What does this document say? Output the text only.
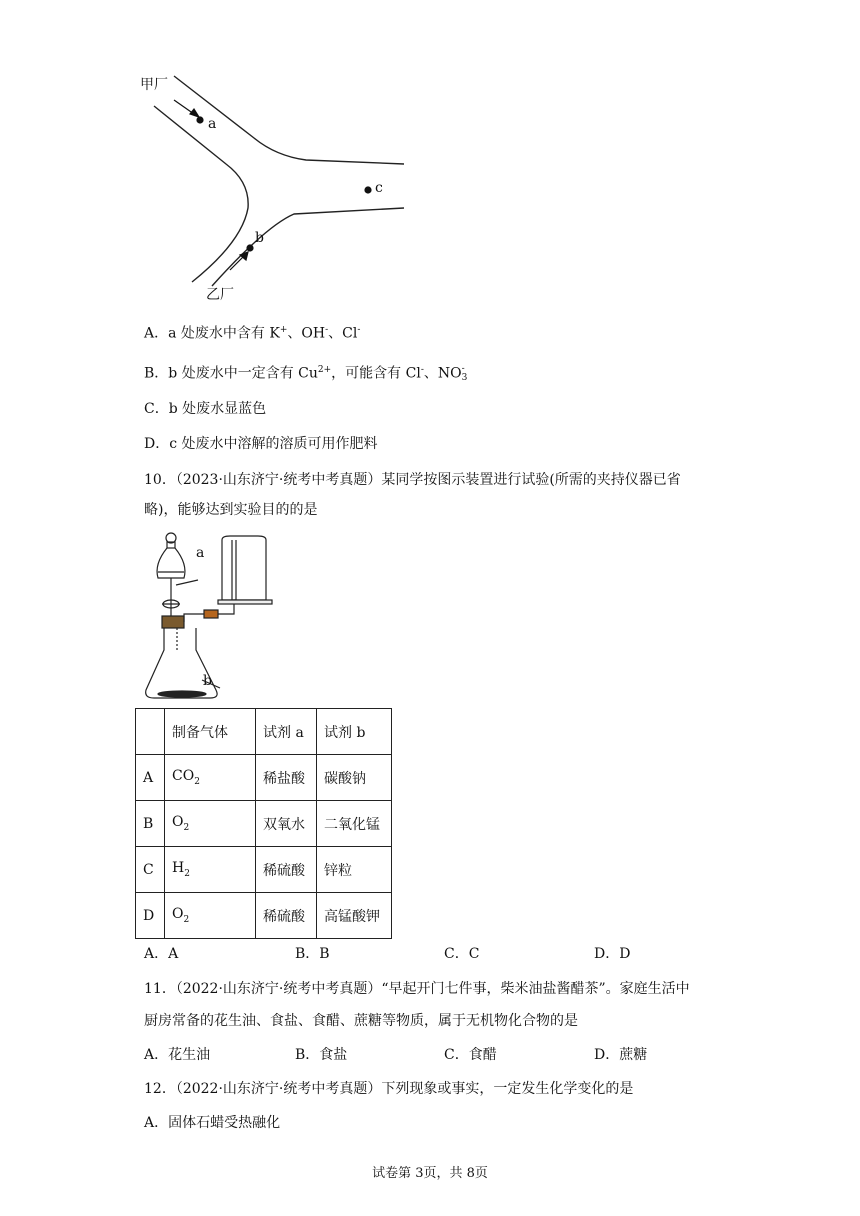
甲厂
乙厂
a
b
c
A．a 处废水中含有 K+、OH-、Cl-
B．b 处废水中一定含有 $Cu^{2+}$，可能含有 Cl-、NO -
3
C．b 处废水显蓝色
D．c 处废水中溶解的溶质可用作肥料
10．（2023·山东济宁·统考中考真题）某同学按图示装置进行试验(所需的夹持仪器已省
略)，能够达到实验目的的是
a
b
	制备气体	试剂 a	试剂 b
A	$CO_2$	稀盐酸	碳酸钠
B	$O_2$	双氧水	二氧化锰
C	$H_2$	稀硫酸	锌粒
D	$O_2$	稀硫酸	高锰酸钾
A．A	B．B	C．C	D．D
11．（2022·山东济宁·统考中考真题）“早起开门七件事，柴米油盐酱醋茶”。家庭生活中
厨房常备的花生油、食盐、食醋、蔗糖等物质，属于无机物化合物的是
A．花生油	B．食盐	C．食醋	D．蔗糖
12．（2022·山东济宁·统考中考真题）下列现象或事实，一定发生化学变化的是
A．固体石蜡受热融化
试卷第 3页，共 8页
